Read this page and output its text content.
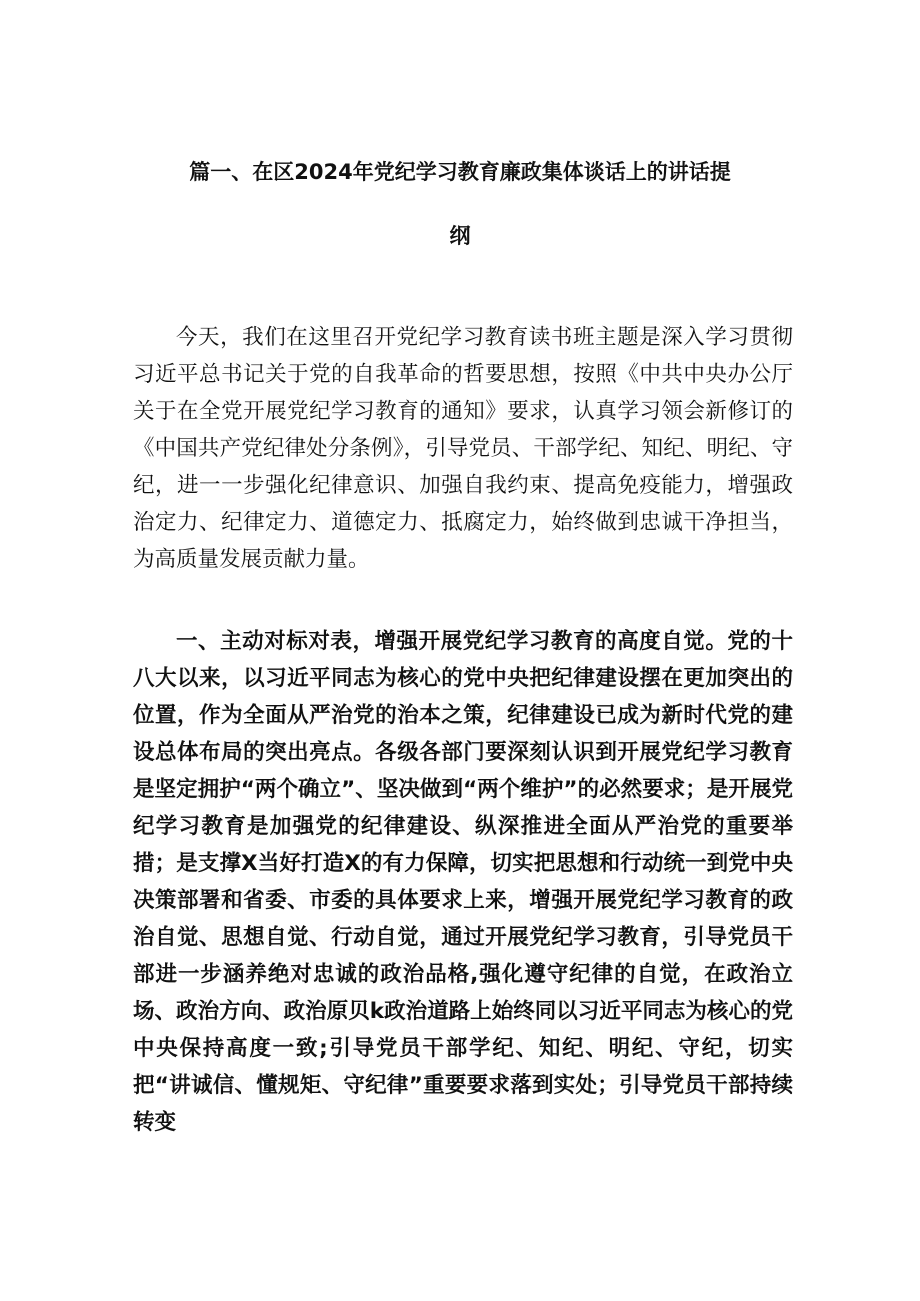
篇一、在区2024年党纪学习教育廉政集体谈话上的讲话提
纲

今天，我们在这里召开党纪学习教育读书班主题是深入学习贯彻习近平总书记关于党的自我革命的哲要思想，按照《中共中央办公厅关于在全党开展党纪学习教育的通知》要求，认真学习领会新修订的《中国共产党纪律处分条例》，引导党员、干部学纪、知纪、明纪、守纪，进一一步强化纪律意识、加强自我约束、提高免疫能力，增强政治定力、纪律定力、道德定力、抵腐定力，始终做到忠诚干净担当，为高质量发展贡献力量。

一、主动对标对表，增强开展党纪学习教育的高度自觉。党的十八大以来，以习近平同志为核心的党中央把纪律建设摆在更加突出的位置，作为全面从严治党的治本之策，纪律建设已成为新时代党的建设总体布局的突出亮点。各级各部门要深刻认识到开展党纪学习教育是坚定拥护“两个确立”、坚决做到“两个维护”的必然要求；是开展党纪学习教育是加强党的纪律建设、纵深推进全面从严治党的重要举措；是支撑X当好打造X的有力保障，切实把思想和行动统一到党中央决策部署和省委、市委的具体要求上来，增强开展党纪学习教育的政治自觉、思想自觉、行动自觉，通过开展党纪学习教育，引导党员干部进一步涵养绝对忠诚的政治品格,强化遵守纪律的自觉，在政治立场、政治方向、政治原贝k政治道路上始终同以习近平同志为核心的党中央保持高度一致;引导党员干部学纪、知纪、明纪、守纪，切实把“讲诚信、懂规矩、守纪律”重要要求落到实处；引导党员干部持续转变
